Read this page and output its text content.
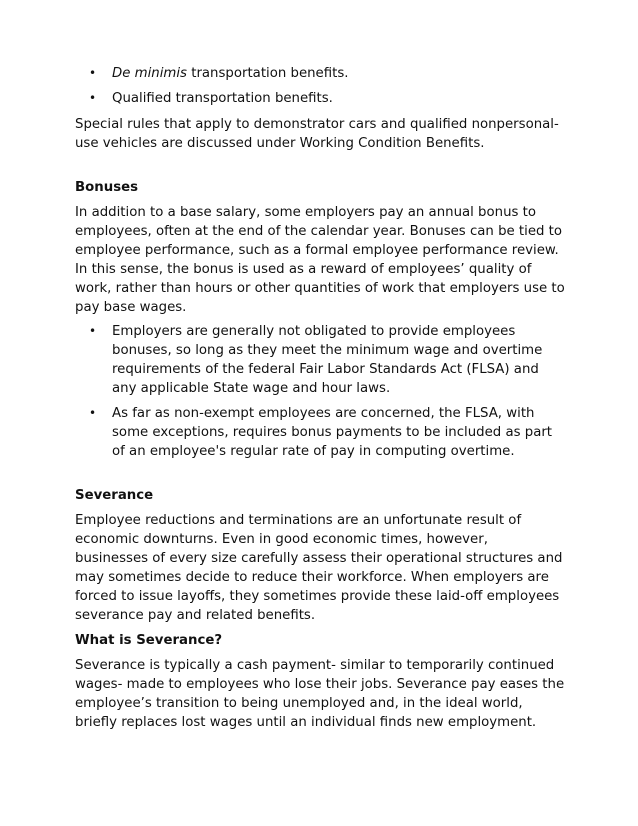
• De minimis transportation benefits.
• Qualified transportation benefits.

Special rules that apply to demonstrator cars and qualified nonpersonal-use vehicles are discussed under Working Condition Benefits.

Bonuses

In addition to a base salary, some employers pay an annual bonus to employees, often at the end of the calendar year. Bonuses can be tied to employee performance, such as a formal employee performance review. In this sense, the bonus is used as a reward of employees’ quality of work, rather than hours or other quantities of work that employers use to pay base wages.

• Employers are generally not obligated to provide employees bonuses, so long as they meet the minimum wage and overtime requirements of the federal Fair Labor Standards Act (FLSA) and any applicable State wage and hour laws.
• As far as non-exempt employees are concerned, the FLSA, with some exceptions, requires bonus payments to be included as part of an employee's regular rate of pay in computing overtime.
Severance

Employee reductions and terminations are an unfortunate result of economic downturns. Even in good economic times, however, businesses of every size carefully assess their operational structures and may sometimes decide to reduce their workforce. When employers are forced to issue layoffs, they sometimes provide these laid-off employees severance pay and related benefits.

What is Severance?

Severance is typically a cash payment- similar to temporarily continued wages- made to employees who lose their jobs. Severance pay eases the employee’s transition to being unemployed and, in the ideal world, briefly replaces lost wages until an individual finds new employment.
